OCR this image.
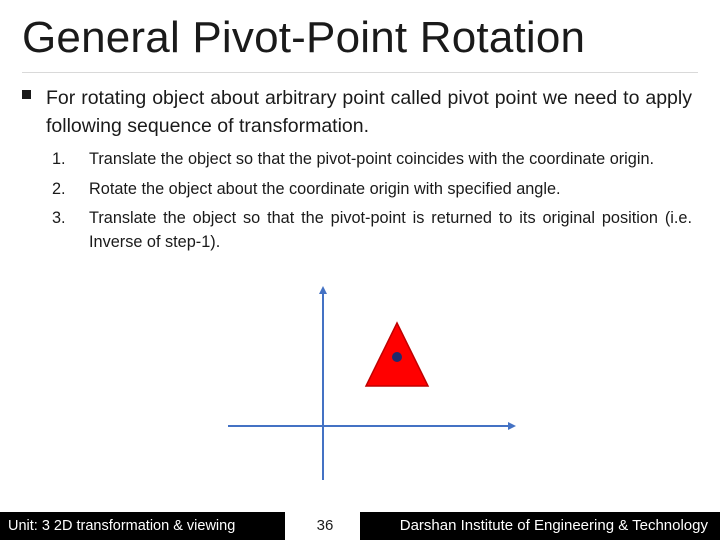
General Pivot-Point Rotation
For rotating object about arbitrary point called pivot point we need to apply following sequence of transformation.
1.	Translate the object so that the pivot-point coincides with the coordinate origin.
2.	Rotate the object about the coordinate origin with specified angle.
3.	Translate the object so that the pivot-point is returned to its original position (i.e. Inverse of step-1).
Unit: 3 2D transformation & viewing	36	Darshan Institute of Engineering & Technology
